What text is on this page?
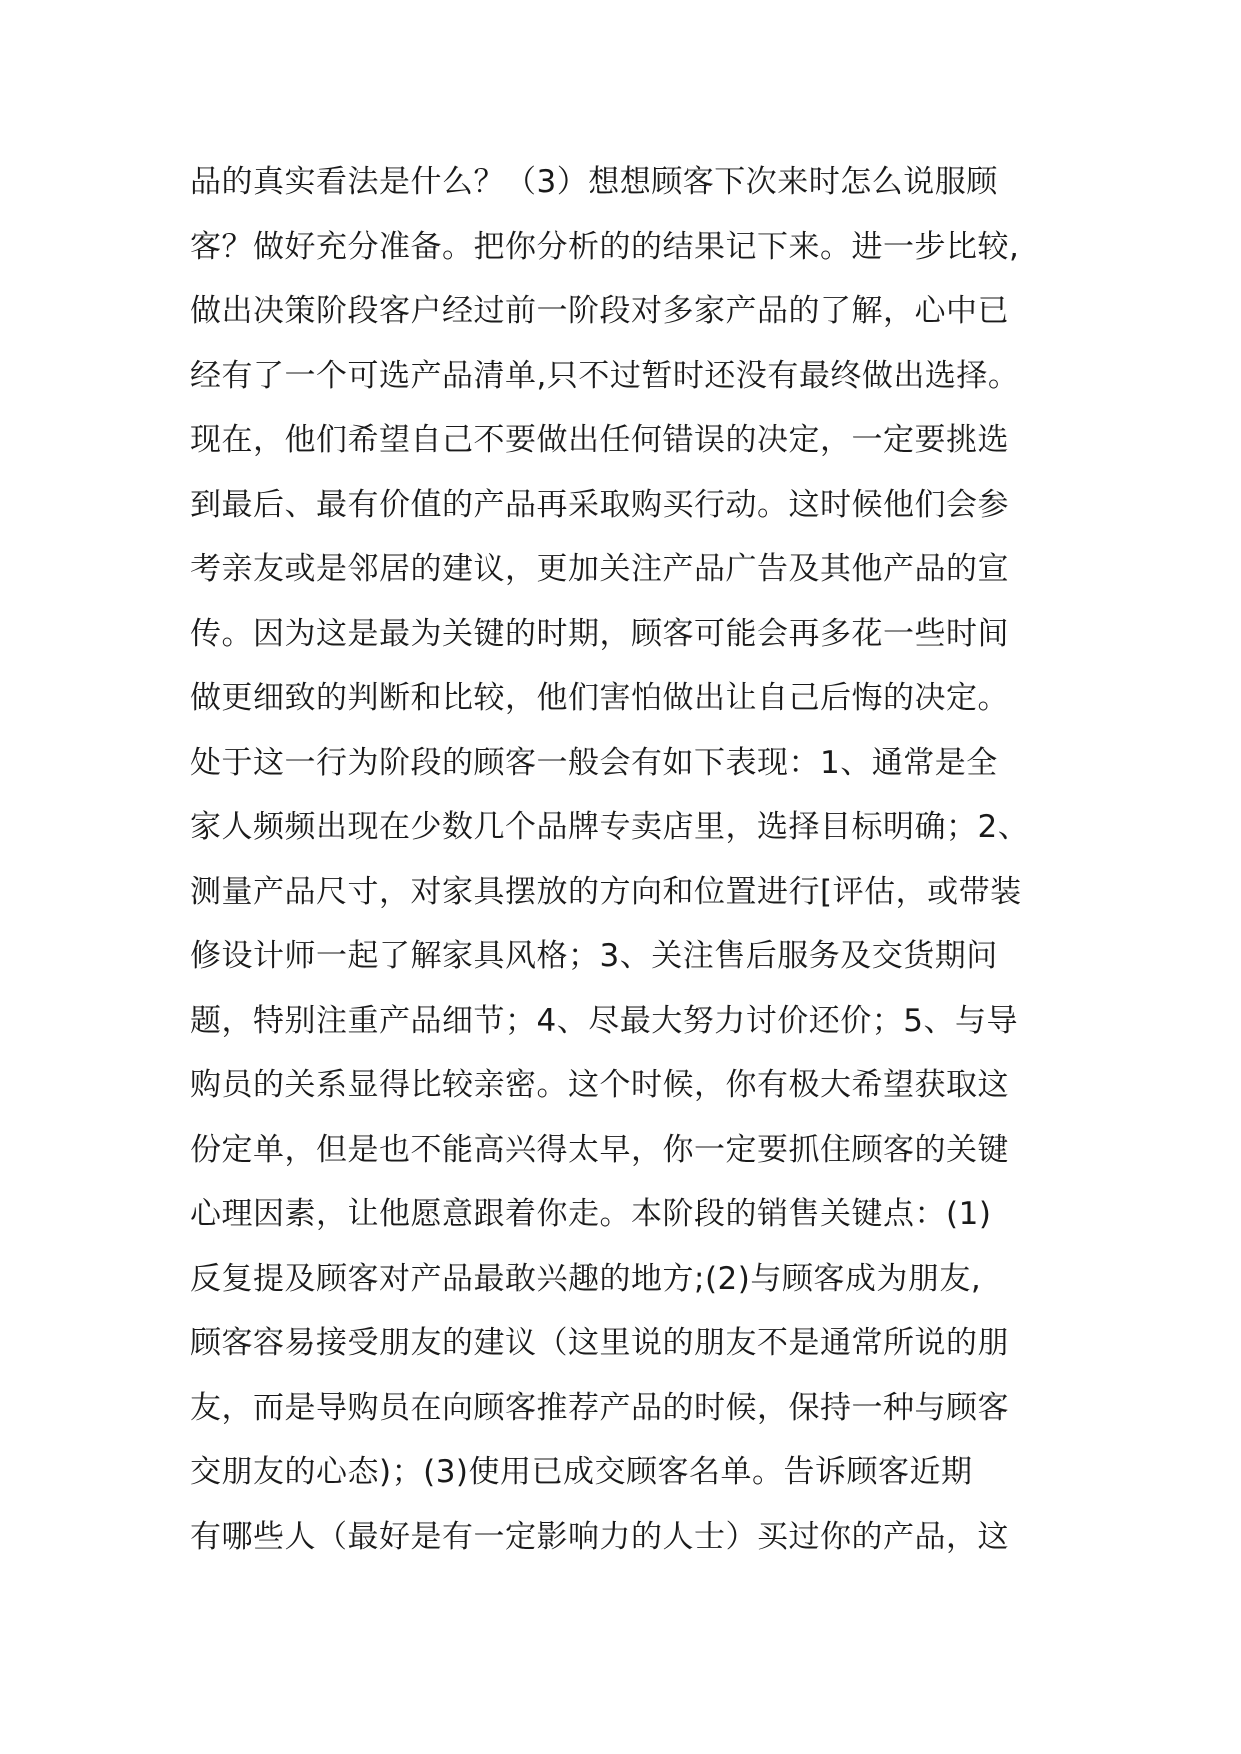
品的真实看法是什么？（3）想想顾客下次来时怎么说服顾
客？做好充分准备。把你分析的的结果记下来。进一步比较,
做出决策阶段客户经过前一阶段对多家产品的了解，心中已
经有了一个可选产品清单,只不过暂时还没有最终做出选择。
现在，他们希望自己不要做出任何错误的决定，一定要挑选
到最后、最有价值的产品再采取购买行动。这时候他们会参
考亲友或是邻居的建议，更加关注产品广告及其他产品的宣
传。因为这是最为关键的时期，顾客可能会再多花一些时间
做更细致的判断和比较，他们害怕做出让自己后悔的决定。
处于这一行为阶段的顾客一般会有如下表现：1、通常是全
家人频频出现在少数几个品牌专卖店里，选择目标明确；2、
测量产品尺寸，对家具摆放的方向和位置进行[评估，或带装
修设计师一起了解家具风格；3、关注售后服务及交货期问
题，特别注重产品细节；4、尽最大努力讨价还价；5、与导
购员的关系显得比较亲密。这个时候，你有极大希望获取这
份定单，但是也不能高兴得太早，你一定要抓住顾客的关键
心理因素，让他愿意跟着你走。本阶段的销售关键点：(1)
反复提及顾客对产品最敢兴趣的地方;(2)与顾客成为朋友,
顾客容易接受朋友的建议（这里说的朋友不是通常所说的朋
友，而是导购员在向顾客推荐产品的时候，保持一种与顾客
交朋友的心态)；(3)使用已成交顾客名单。告诉顾客近期
有哪些人（最好是有一定影响力的人士）买过你的产品，这
